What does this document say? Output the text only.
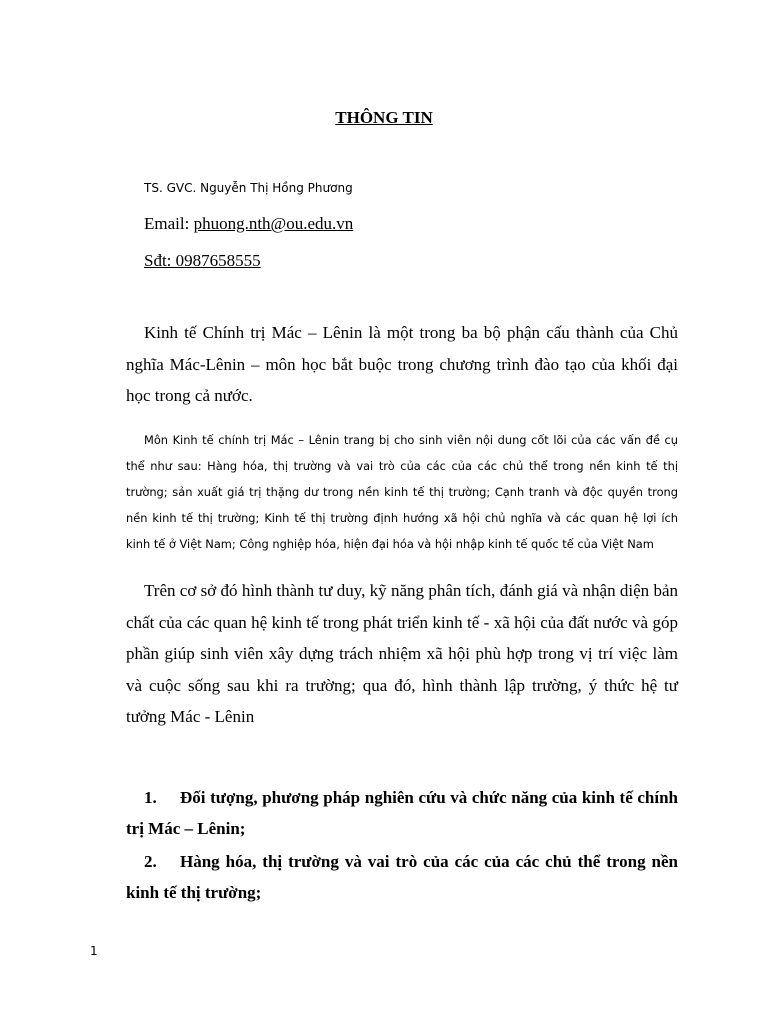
THÔNG TIN
TS. GVC. Nguyễn Thị Hồng Phương
Email: phuong.nth@ou.edu.vn
Sđt: 0987658555

Kinh tế Chính trị Mác – Lênin là một trong ba bộ phận cấu thành của Chủ nghĩa Mác-Lênin – môn học bắt buộc trong chương trình đào tạo của khối đại học trong cả nước.

Môn Kinh tế chính trị Mác – Lênin trang bị cho sinh viên nội dung cốt lõi của các vấn đề cụ thể như sau: Hàng hóa, thị trường và vai trò của các của các chủ thể trong nền kinh tế thị trường; sản xuất giá trị thặng dư trong nền kinh tế thị trường; Cạnh tranh và độc quyền trong nền kinh tế thị trường; Kinh tế thị trường định hướng xã hội chủ nghĩa và các quan hệ lợi ích kinh tế ở Việt Nam; Công nghiệp hóa, hiện đại hóa và hội nhập kinh tế quốc tế của Việt Nam

Trên cơ sở đó hình thành tư duy, kỹ năng phân tích, đánh giá và nhận diện bản chất của các quan hệ kinh tế trong phát triển kinh tế - xã hội của đất nước và góp phần giúp sinh viên xây dựng trách nhiệm xã hội phù hợp trong vị trí việc làm và cuộc sống sau khi ra trường; qua đó, hình thành lập trường, ý thức hệ tư tưởng Mác - Lênin

1. Đối tượng, phương pháp nghiên cứu và chức năng của kinh tế chính trị Mác – Lênin;
2. Hàng hóa, thị trường và vai trò của các của các chủ thể trong nền kinh tế thị trường;
1
